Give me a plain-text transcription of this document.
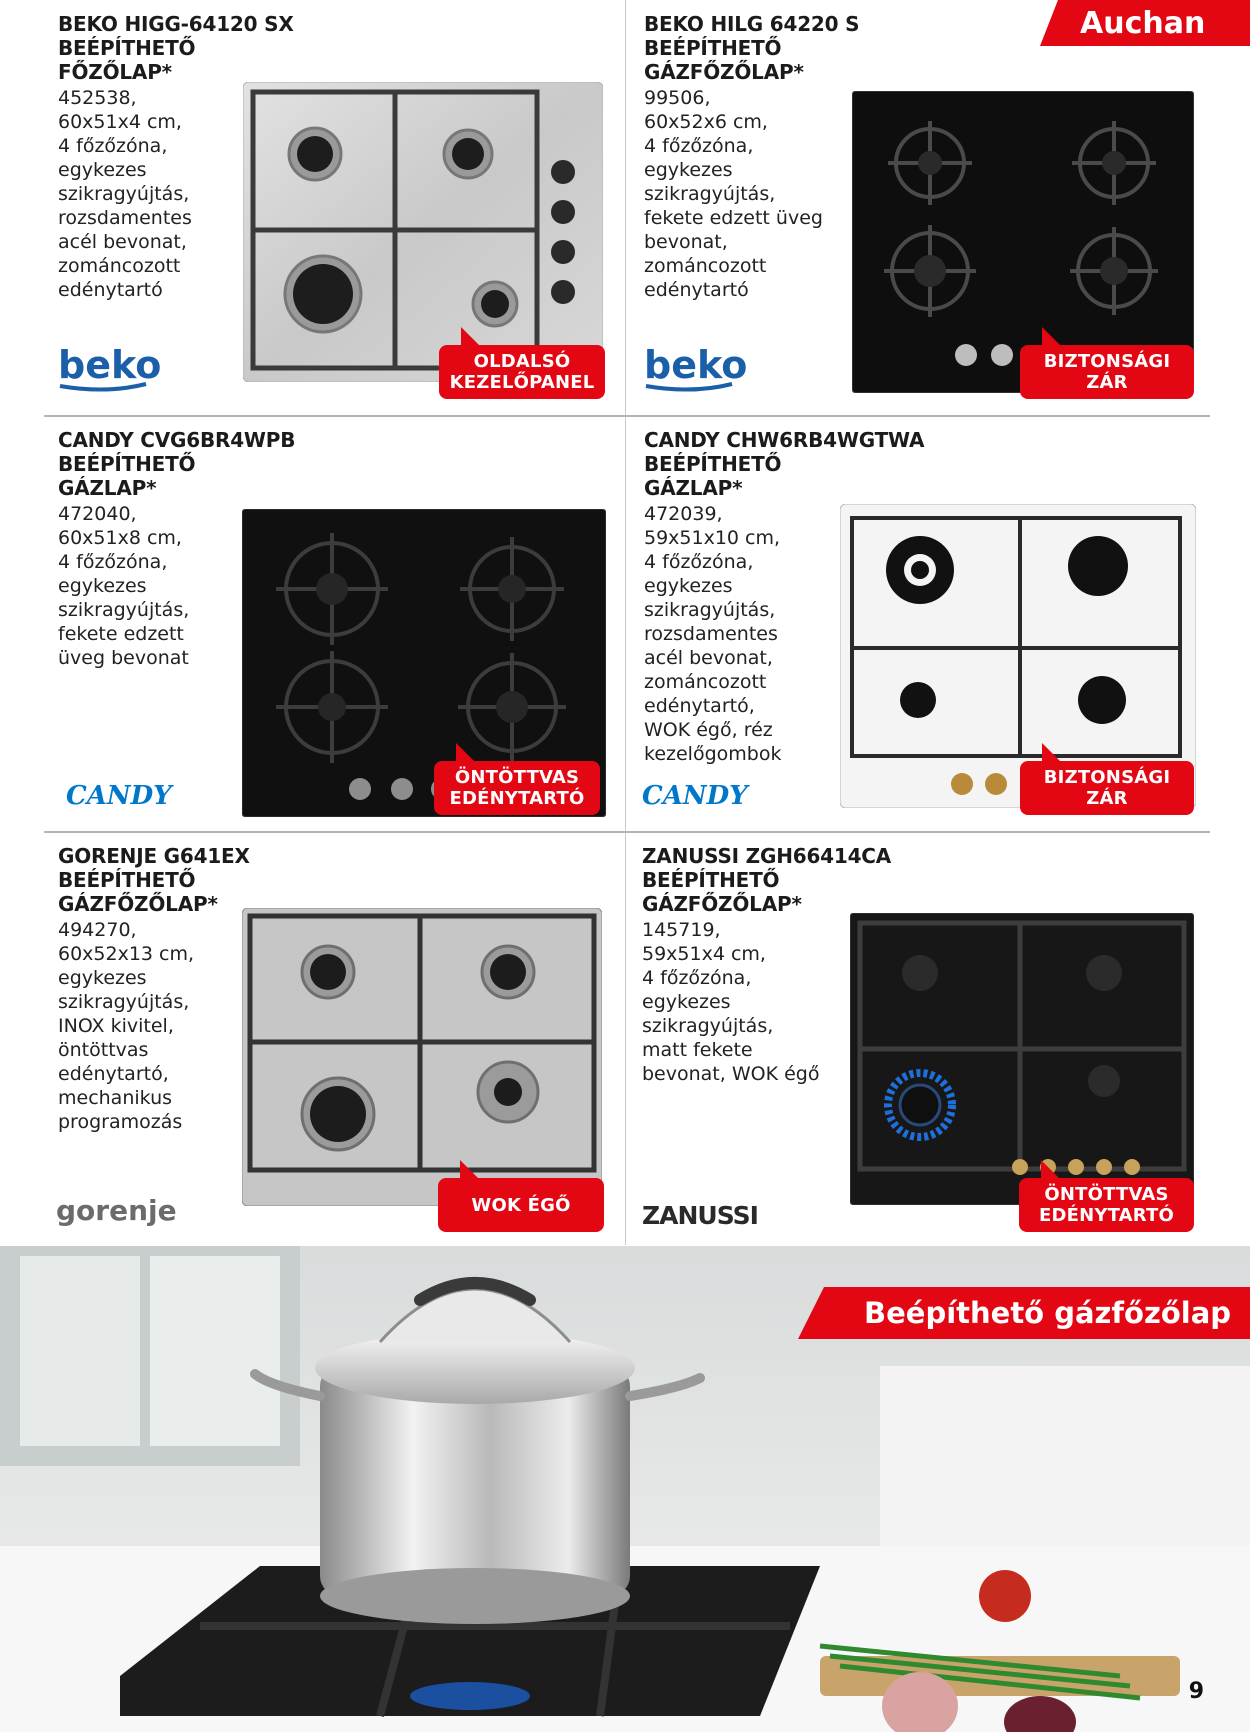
Auchan
BEKO HIGG-64120 SX
BEÉPÍTHETŐ
FŐZŐLAP*
452538,
60x51x4 cm,
4 főzőzóna,
egykezes
szikragyújtás,
rozsdamentes
acél bevonat,
zománcozott
edénytartó
beko	OLDALSÓ
KEZELŐPANEL
BEKO HILG 64220 S
BEÉPÍTHETŐ
GÁZFŐZŐLAP*
99506,
60x52x6 cm,
4 főzőzóna,
egykezes
szikragyújtás,
fekete edzett üveg
bevonat,
zománcozott
edénytartó
beko	BIZTONSÁGI
ZÁR
CANDY CVG6BR4WPB
BEÉPÍTHETŐ
GÁZLAP*
472040,
60x51x8 cm,
4 főzőzóna,
egykezes
szikragyújtás,
fekete edzett
üveg bevonat
CANDY
ÖNTÖTTVAS
EDÉNYTARTÓ
CANDY CHW6RB4WGTWA
BEÉPÍTHETŐ
GÁZLAP*
472039,
59x51x10 cm,
4 főzőzóna,
egykezes
szikragyújtás,
rozsdamentes
acél bevonat,
zománcozott
edénytartó,
WOK égő, réz
kezelőgombok
CANDY
BIZTONSÁGI
ZÁR
GORENJE G641EX
BEÉPÍTHETŐ
GÁZFŐZŐLAP*
494270,
60x52x13 cm,
egykezes
szikragyújtás,
INOX kivitel,
öntöttvas
edénytartó,
mechanikus
programozás
gorenje	WOK ÉGŐ
ZANUSSI ZGH66414CA
BEÉPÍTHETŐ
GÁZFŐZŐLAP*
145719,
59x51x4 cm,
4 főzőzóna,
egykezes
szikragyújtás,
matt fekete
bevonat, WOK égő
ZANUSSI
ÖNTÖTTVAS
EDÉNYTARTÓ
Beépíthető gázfőzőlap
9
